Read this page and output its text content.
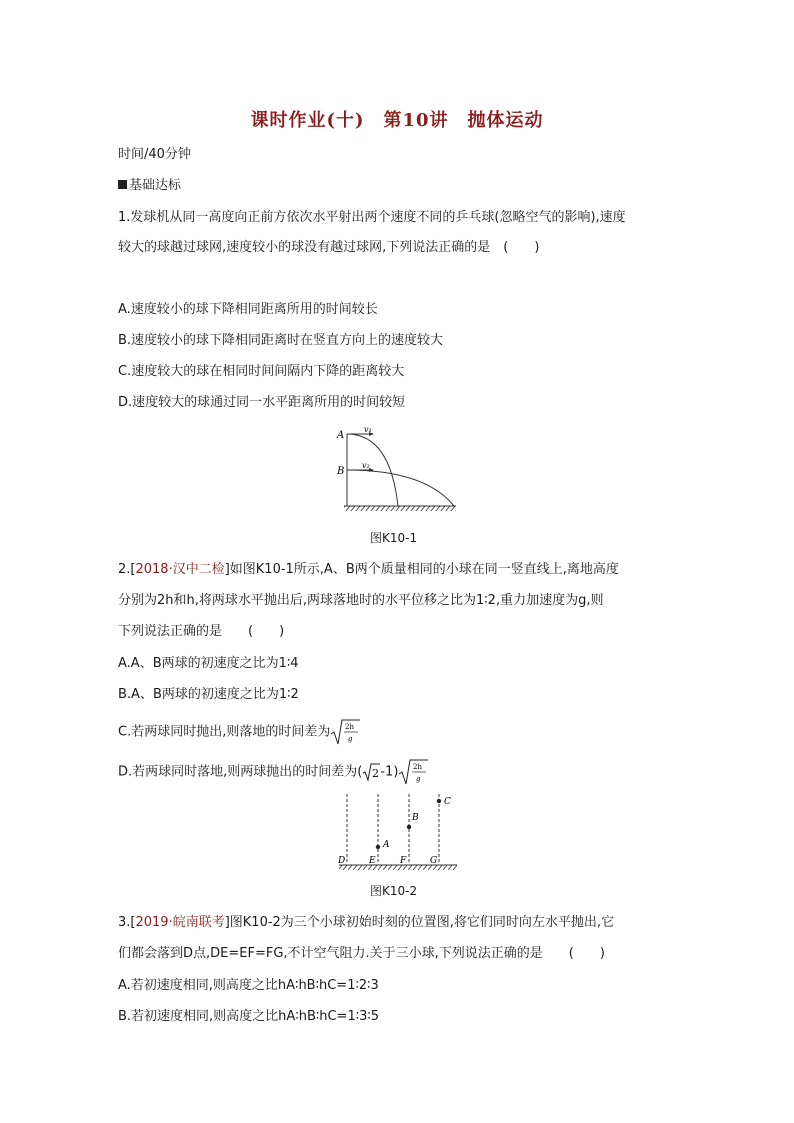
课时作业(十)　第10讲　抛体运动
时间/40分钟
基础达标
1.发球机从同一高度向正前方依次水平射出两个速度不同的乒乓球(忽略空气的影响),速度
较大的球越过球网,速度较小的球没有越过球网,下列说法正确的是　(　　)
A.速度较小的球下降相同距离所用的时间较长
B.速度较小的球下降相同距离时在竖直方向上的速度较大
C.速度较大的球在相同时间间隔内下降的距离较大
D.速度较大的球通过同一水平距离所用的时间较短
A
B
v₁
v₂
图K10-1
2.[2018·汉中二检]如图K10-1所示,A、B两个质量相同的小球在同一竖直线上,离地高度
分别为2h和h,将两球水平抛出后,两球落地时的水平位移之比为1∶2,重力加速度为g,则
下列说法正确的是　　(　　)
A.A、B两球的初速度之比为1∶4
B.A、B两球的初速度之比为1∶2
C.若两球同时抛出,则落地的时间差为 2h
g
D.若两球同时落地,则两球抛出的时间差为( 2 -1) 2h
g
D	E	F	G
A
B
C
图K10-2
3.[2019·皖南联考]图K10-2为三个小球初始时刻的位置图,将它们同时向左水平抛出,它
们都会落到D点,DE=EF=FG,不计空气阻力.关于三小球,下列说法正确的是　　(　　)
A.若初速度相同,则高度之比hA∶hB∶hC=1∶2∶3
B.若初速度相同,则高度之比hA∶hB∶hC=1∶3∶5
